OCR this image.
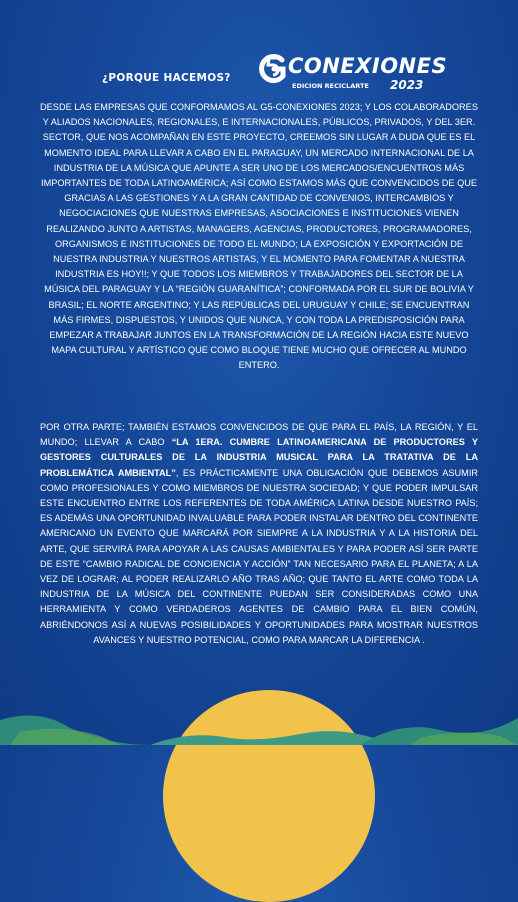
¿PORQUE HACEMOS?	CONEXIONES
EDICION RECICLARTE 2023
DESDE LAS EMPRESAS QUE CONFORMAMOS AL G5-CONEXIONES 2023; Y LOS COLABORADORES Y ALIADOS NACIONALES, REGIONALES, E INTERNACIONALES, PÚBLICOS, PRIVADOS, Y DEL 3ER. SECTOR, QUE NOS ACOMPAÑAN EN ESTE PROYECTO, CREEMOS SIN LUGAR A DUDA QUE ES EL MOMENTO IDEAL PARA LLEVAR A CABO EN EL PARAGUAY, UN MERCADO INTERNACIONAL DE LA INDUSTRIA DE LA MÚSICA QUE APUNTE A SER UNO DE LOS MERCADOS/ENCUENTROS MÁS IMPORTANTES DE TODA LATINOAMÉRICA; ASÍ COMO ESTAMOS MÁS QUE CONVENCIDOS DE QUE GRACIAS A LAS GESTIONES Y A LA GRAN CANTIDAD DE CONVENIOS, INTERCAMBIOS Y NEGOCIACIONES QUE NUESTRAS EMPRESAS, ASOCIACIONES E INSTITUCIONES VIENEN REALIZANDO JUNTO A ARTISTAS, MANAGERS, AGENCIAS, PRODUCTORES, PROGRAMADORES, ORGANISMOS E INSTITUCIONES DE TODO EL MUNDO; LA EXPOSICIÓN Y EXPORTACIÓN DE NUESTRA INDUSTRIA Y NUESTROS ARTISTAS, Y EL MOMENTO PARA FOMENTAR A NUESTRA INDUSTRIA ES HOY!!; Y QUE TODOS LOS MIEMBROS Y TRABAJADORES DEL SECTOR DE LA MÚSICA DEL PARAGUAY Y LA “REGIÓN GUARANÍTICA”; CONFORMADA POR EL SUR DE BOLIVIA Y BRASIL; EL NORTE ARGENTINO; Y LAS REPÚBLICAS DEL URUGUAY Y CHILE; SE ENCUENTRAN MÁS FIRMES, DISPUESTOS, Y UNIDOS QUE NUNCA, Y CON TODA LA PREDISPOSICIÓN PARA EMPEZAR A TRABAJAR JUNTOS EN LA TRANSFORMACIÓN DE LA REGIÓN HACIA ESTE NUEVO MAPA CULTURAL Y ARTÍSTICO QUE COMO BLOQUE TIENE MUCHO QUE OFRECER AL MUNDO ENTERO.
POR OTRA PARTE; TAMBIÉN ESTAMOS CONVENCIDOS DE QUE PARA EL PAÍS, LA REGIÓN, Y EL MUNDO; LLEVAR A CABO “LA 1ERA. CUMBRE LATINOAMERICANA DE PRODUCTORES Y GESTORES CULTURALES DE LA INDUSTRIA MUSICAL PARA LA TRATATIVA DE LA PROBLEMÁTICA AMBIENTAL”, ES PRÁCTICAMENTE UNA OBLIGACIÓN QUE DEBEMOS ASUMIR COMO PROFESIONALES Y COMO MIEMBROS DE NUESTRA SOCIEDAD; Y QUE PODER IMPULSAR ESTE ENCUENTRO ENTRE LOS REFERENTES DE TODA AMÉRICA LATINA DESDE NUESTRO PAÍS; ES ADEMÁS UNA OPORTUNIDAD INVALUABLE PARA PODER INSTALAR DENTRO DEL CONTINENTE AMERICANO UN EVENTO QUE MARCARÁ POR SIEMPRE A LA INDUSTRIA Y A LA HISTORIA DEL ARTE, QUE SERVIRÁ PARA APOYAR A LAS CAUSAS AMBIENTALES Y PARA PODER ASÍ SER PARTE DE ESTE “CAMBIO RADICAL DE CONCIENCIA Y ACCIÓN” TAN NECESARIO PARA EL PLANETA; A LA VEZ DE LOGRAR; AL PODER REALIZARLO AÑO TRAS AÑO; QUE TANTO EL ARTE COMO TODA LA INDUSTRIA DE LA MÚSICA DEL CONTINENTE PUEDAN SER CONSIDERADAS COMO UNA HERRAMIENTA Y COMO VERDADEROS AGENTES DE CAMBIO PARA EL BIEN COMÚN, ABRIÉNDONOS ASÍ A NUEVAS POSIBILIDADES Y OPORTUNIDADES PARA MOSTRAR NUESTROS AVANCES Y NUESTRO POTENCIAL, COMO PARA MARCAR LA DIFERENCIA .
